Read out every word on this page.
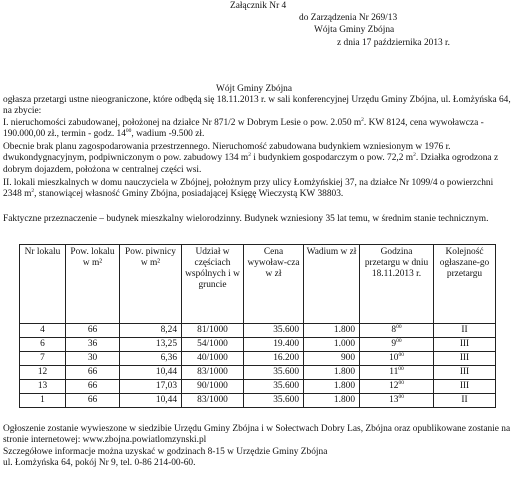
Załącznik Nr 4
do Zarządzenia Nr 269/13
Wójta Gminy Zbójna
z dnia 17 października 2013 r.
Wójt Gminy Zbójna

ogłasza przetargi ustne nieograniczone, które odbędą się 18.11.2013 r. w sali konferencyjnej Urzędu Gminy Zbójna, ul. Łomżyńska 64, na zbycie:

I. nieruchomości zabudowanej, położonej na działce Nr 871/2 w Dobrym Lesie o pow. 2.050 $m^2$. KW 8124, cena wywoławcza - 190.000,00 zł., termin - godz. $14^{00}$, wadium -9.500 zł.

Obecnie brak planu zagospodarowania przestrzennego. Nieruchomość zabudowana budynkiem wzniesionym w 1976 r. dwukondygnacyjnym, podpiwniczonym o pow. zabudowy 134 $m^2$ i budynkiem gospodarczym o pow. 72,2 $m^2$. Działka ogrodzona z dobrym dojazdem, położona w centralnej części wsi.

II. lokali mieszkalnych w domu nauczyciela w Zbójnej, położnym przy ulicy Łomżyńskiej 37, na działce Nr 1099/4 o powierzchni 2348 $m^2$, stanowiącej własność Gminy Zbójna, posiadającej Księgę Wieczystą KW 38803.

Faktyczne przeznaczenie – budynek mieszkalny wielorodzinny. Budynek wzniesiony 35 lat temu, w średnim stanie technicznym.

Nr lokalu	Pow. lokalu w m²	Pow. piwnicy w m²	Udział w częściach wspólnych i w gruncie	Cena wywoław-cza w zł	Wadium w zł	Godzina przetargu w dniu 18.11.2013 r.	Kolejność ogłaszane-go przetargu
4	66	8,24	81/1000	35.600	1.800	$8^{00}$	II
6	36	13,25	54/1000	19.400	1.000	$9^{00}$	III
7	30	6,36	40/1000	16.200	900	$10^{00}$	III
12	66	10,44	83/1000	35.600	1.800	$11^{00}$	III
13	66	17,03	90/1000	35.600	1.800	$12^{00}$	III
1	66	10,44	83/1000	35.600	1.800	$13^{00}$	II

Ogłoszenie zostanie wywieszone w siedzibie Urzędu Gminy Zbójna i w Sołectwach Dobry Las, Zbójna oraz opublikowane zostanie na stronie internetowej: www.zbojna.powiatlomzynski.pl

Szczegółowe informacje można uzyskać w godzinach 8-15 w Urzędzie Gminy Zbójna

ul. Łomżyńska 64, pokój Nr 9, tel. 0-86 214-00-60.
